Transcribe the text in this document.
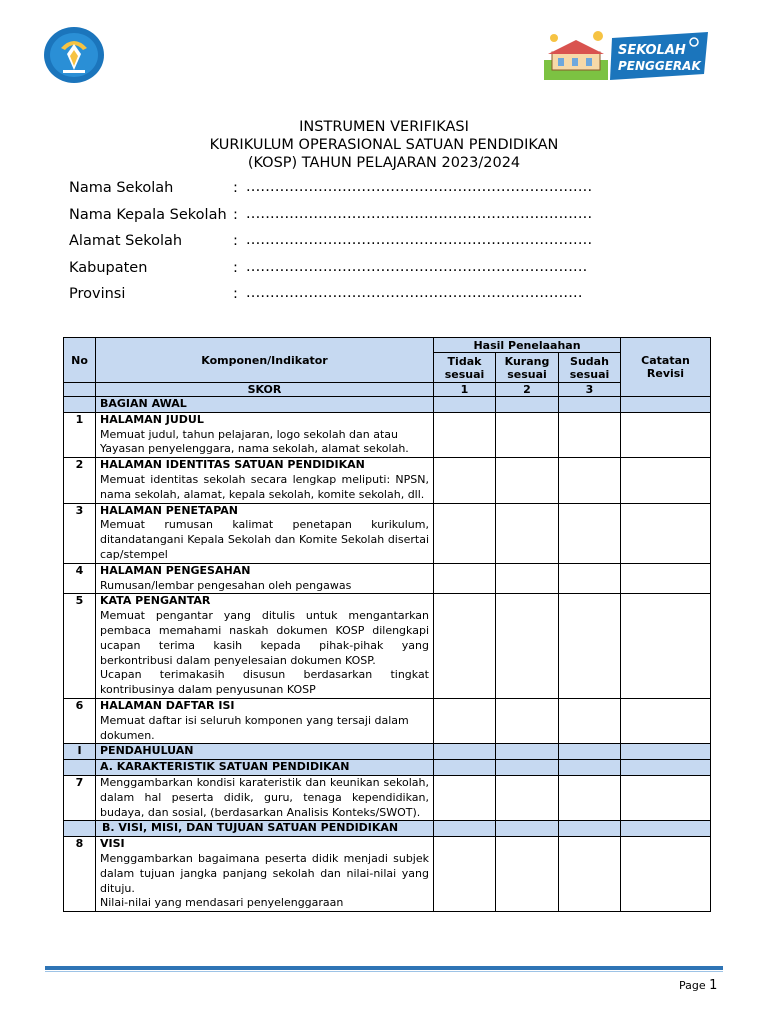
SEKOLAH
PENGGERAK
INSTRUMEN VERIFIKASI
KURIKULUM OPERASIONAL SATUAN PENDIDIKAN
(KOSP) TAHUN PELAJARAN 2023/2024
Nama Sekolah	: ........................................................................
Nama Kepala Sekolah : ........................................................................
Alamat Sekolah	: ........................................................................
Kabupaten	: .......................................................................
Provinsi	: ......................................................................
No	Komponen/Indikator	Hasil Penelaahan			Catatan Revisi
		Tidak sesuai	Kurang sesuai	Sudah sesuai	
	SKOR	1	2	3	
	BAGIAN AWAL				
1	HALAMAN JUDUL
Memuat judul, tahun pelajaran, logo sekolah dan atau Yayasan penyelenggara, nama sekolah, alamat sekolah.				

2	HALAMAN IDENTITAS SATUAN PENDIDIKAN
Memuat identitas sekolah secara lengkap meliputi: NPSN, nama sekolah, alamat, kepala sekolah, komite sekolah, dll.				

3	HALAMAN PENETAPAN
Memuat rumusan kalimat penetapan kurikulum, ditandatangani Kepala Sekolah dan Komite Sekolah disertai cap/stempel				

4	HALAMAN PENGESAHAN
Rumusan/lembar pengesahan oleh pengawas				

5	KATA PENGANTAR
Memuat pengantar yang ditulis untuk mengantarkan pembaca memahami naskah dokumen KOSP dilengkapi ucapan terima kasih kepada pihak-pihak yang berkontribusi dalam penyelesaian dokumen KOSP.
Ucapan terimakasih disusun berdasarkan tingkat kontribusinya dalam penyusunan KOSP				

6	HALAMAN DAFTAR ISI
Memuat daftar isi seluruh komponen yang tersaji dalam dokumen.				

I	PENDAHULUAN				
	A. KARAKTERISTIK SATUAN PENDIDIKAN				
7	Menggambarkan kondisi karateristik dan keunikan sekolah, dalam hal peserta didik, guru, tenaga kependidikan, budaya, dan sosial, (berdasarkan Analisis Konteks/SWOT).				
	B. VISI, MISI, DAN TUJUAN SATUAN PENDIDIKAN				
8	VISI
Menggambarkan bagaimana peserta didik menjadi subjek dalam tujuan jangka panjang sekolah dan nilai-nilai yang dituju.
Nilai-nilai yang mendasari penyelenggaraan				

Page 1
